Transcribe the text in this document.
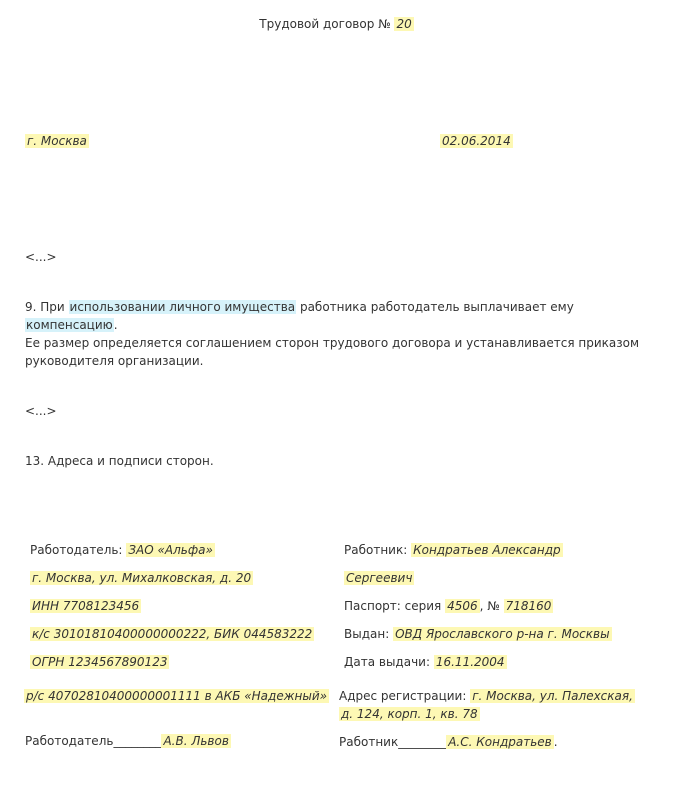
Трудовой договор № 20
г. Москва	02.06.2014
<...>
9. При использовании личного имущества работника работодатель выплачивает ему
компенсацию.
Ее размер определяется соглашением сторон трудового договора и устанавливается приказом
руководителя организации.
<...>
13. Адреса и подписи сторон.
Работодатель: ЗАО «Альфа»
г. Москва, ул. Михалковская, д. 20
ИНН 7708123456
к/с 30101810400000000222, БИК 044583222
ОГРН 1234567890123
р/с 40702810400000001111 в АКБ «Надежный»
Работодатель________ А.В. Львов
Работник: Кондратьев Александр
Сергеевич
Паспорт: серия 4506 , № 718160
Выдан: ОВД Ярославского р-на г. Москвы
Дата выдачи: 16.11.2004
Адрес регистрации: г. Москва, ул. Палехская,
д. 124, корп. 1, кв. 78
Работник________ А.С. Кондратьев .
